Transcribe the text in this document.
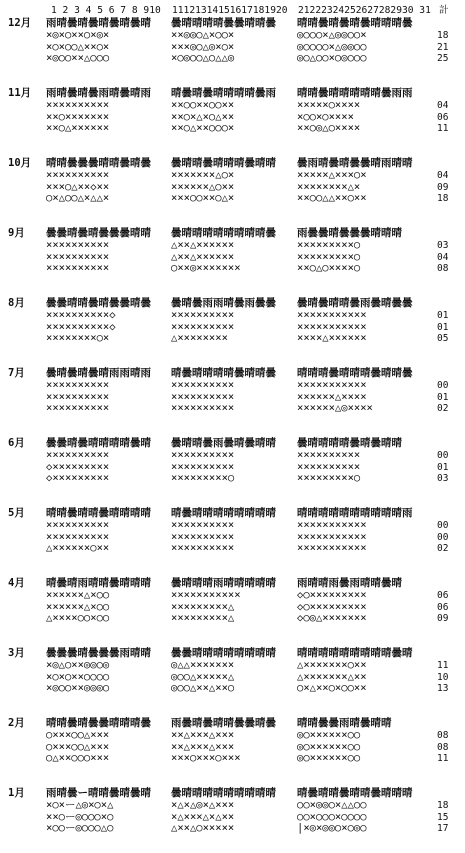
1 2 3 4 5 6 7 8 910 11121314151617181920 21222324252627282930 31 計
12月 雨晴曇晴曇晴曇晴曇晴	曇晴晴晴晴曇曇晴晴曇	晴晴曇晴曇晴曇晴晴晴曇
×◎×○××○×◎×	××◎◎○△×○○×	◎○○○×△◎◎○○×	18
×○×○○△××○×	×××◎○△◎×○×	◎○○○○×△◎◎○○	21
×◎○○××△○○○	×○◎○○△○△△◎	◎○△○○×○◎○○○	25
11月 雨晴曇晴曇雨晴曇晴雨	晴曇晴曇晴晴晴晴曇雨	晴晴曇晴晴晴晴晴曇雨雨
××××××××××	××○○××○○××	×××××○××××	04
××○×××××××	××○×△×○△××	×○○×○××××	06
××○△××××××	××○△××○○○×	××○◎△○××××	11
10月 晴晴曇曇曇晴晴曇晴曇	曇晴晴曇晴晴晴曇晴晴	曇雨晴曇晴曇曇晴雨晴晴
××××××××××	×××××××△○×	×××××△×××○×	04
×××○△××◇××	××××××△○××	××××××××△×	09
○×△○○△×△△×	×××○○××○△×	××○○△△××○××	18
9月 曇曇晴曇晴曇曇曇晴晴	曇晴晴晴晴晴晴晴晴曇	雨曇曇晴曇曇曇晴晴晴
××××××××××	△××△××××××	×××××××××○	03
××××××××××	△××△××××××	×××××××××○	04
××××××××××	○××◎×××××××	××○△○××××○	08
8月 曇曇晴晴曇晴曇曇晴曇	曇晴曇雨雨晴曇雨曇曇	曇晴曇晴晴曇雨曇晴曇曇
××××××××××◇	××××××××××	×××××××××××	01
××××××××××◇	××××××××××	×××××××××××	01
××××××××○×	△××××××××	××××△××××××	05
7月 曇晴曇晴曇晴雨雨晴雨	晴曇晴晴晴晴曇晴晴曇	晴晴晴曇晴晴晴曇晴晴曇
××××××××××	××××××××××	×××××××××××	00
××××××××××	××××××××××	××××××△××××	01
××××××××××	××××××××××	××××××△◎××××	02
6月 曇曇晴曇晴晴晴晴曇晴	曇晴晴曇雨曇晴曇晴晴	曇晴晴晴晴曇晴曇晴晴
××××××××××	××××××××××	××××××××××	00
◇×××××××××	××××××××××	××××××××××	01
◇×××××××××	×××××××××○	×××××××××○	03
5月 晴晴曇晴晴曇晴晴晴晴	晴曇晴晴晴晴晴晴晴晴	晴晴晴晴晴晴晴晴晴晴雨
××××××××××	××××××××××	×××××××××××	00
××××××××××	××××××××××	×××××××××××	00
△××××××○××	××××××××××	×××××××××××	02
4月 晴曇晴雨晴晴曇晴晴晴	曇晴晴晴雨晴晴晴晴晴	雨晴晴雨曇雨晴晴曇晴
××××××△×○○	×××××××××××	◇○×××××××××	06
××××××△×○○	×××××××××△	◇○×××××××××	06
△××××○○×○○	×××××××××△	◇○◎△×××××××	09
3月 曇曇曇晴曇曇曇雨晴晴	曇曇晴晴晴晴晴晴晴晴	晴晴晴晴晴晴晴晴晴曇晴
×◎△○××◎◎○◎	◎△△×××××××	△×××××××○××	11
×○×○××○○○○	◎○○△×××××△	△×××××××△××	10
×◎○○××◎◎◎○	◎○○△××△××○	○×△××○×○○××	13
2月 晴晴曇晴曇曇晴晴晴曇	雨曇晴曇晴晴曇曇晴曇	晴晴曇曇雨晴曇晴晴
○×××○○△×××	××△×××△×××	◎○××××××○○	08
○×××○○△×××	××△×××△×××	◎○××××××○○	08
○△××○○○×××	×××○×××○×××	◎○××××××○○	11
1月 雨晴曇ー晴晴曇晴曇晴	曇晴晴晴晴晴晴晴晴晴	晴曇晴晴曇晴晴曇晴晴晴
×○×ー△◎×○×△	×△×△◎×△×××	○○×◎◎○×△△○○	18
××○ー◎○○○×○	×△×××△×△××	○○×○○○×○○○○	15
×○○ー◎○○○△○	△××△○×××××	|×◎×◎◎○×○◎○	17
